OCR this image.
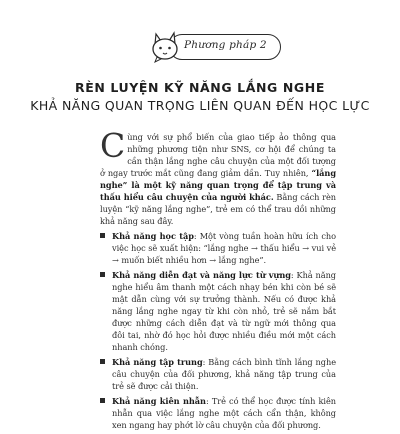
Phương pháp 2
RÈN LUYỆN KỸ NĂNG LẮNG NGHE
KHẢ NĂNG QUAN TRỌNG LIÊN QUAN ĐẾN HỌC LỰC

Cùng với sự phổ biến của giao tiếp ảo thông qua những phương tiện như SNS, cơ hội để chúng ta cần thận lắng nghe câu chuyện của một đối tượng ở ngay trước mắt cũng đang giảm dần. Tuy nhiên, “lắng nghe” là một kỹ năng quan trọng để tập trung và thấu hiểu câu chuyện của người khác. Bằng cách rèn luyện “kỹ năng lắng nghe”, trẻ em có thể trau dồi những khả năng sau đây.

Khả năng học tập: Một vòng tuần hoàn hữu ích cho việc học sẽ xuất hiện: “lắng nghe → thấu hiểu → vui vẻ → muốn biết nhiều hơn → lắng nghe”.
Khả năng diễn đạt và năng lực từ vựng: Khả năng nghe hiểu âm thanh một cách nhạy bén khi còn bé sẽ mật dẫn cùng với sự trưởng thành. Nếu có được khả năng lắng nghe ngay từ khi còn nhỏ, trẻ sẽ nắm bắt được những cách diễn đạt và từ ngữ mới thông qua đôi tai, nhờ đó học hỏi được nhiều điều mới một cách nhanh chóng.
Khả năng tập trung: Bằng cách bình tĩnh lắng nghe câu chuyện của đối phương, khả năng tập trung của trẻ sẽ được cải thiện.
Khả năng kiên nhẫn: Trẻ có thể học được tính kiên nhẫn qua việc lắng nghe một cách cẩn thận, không xen ngang hay phớt lờ câu chuyện của đối phương.
